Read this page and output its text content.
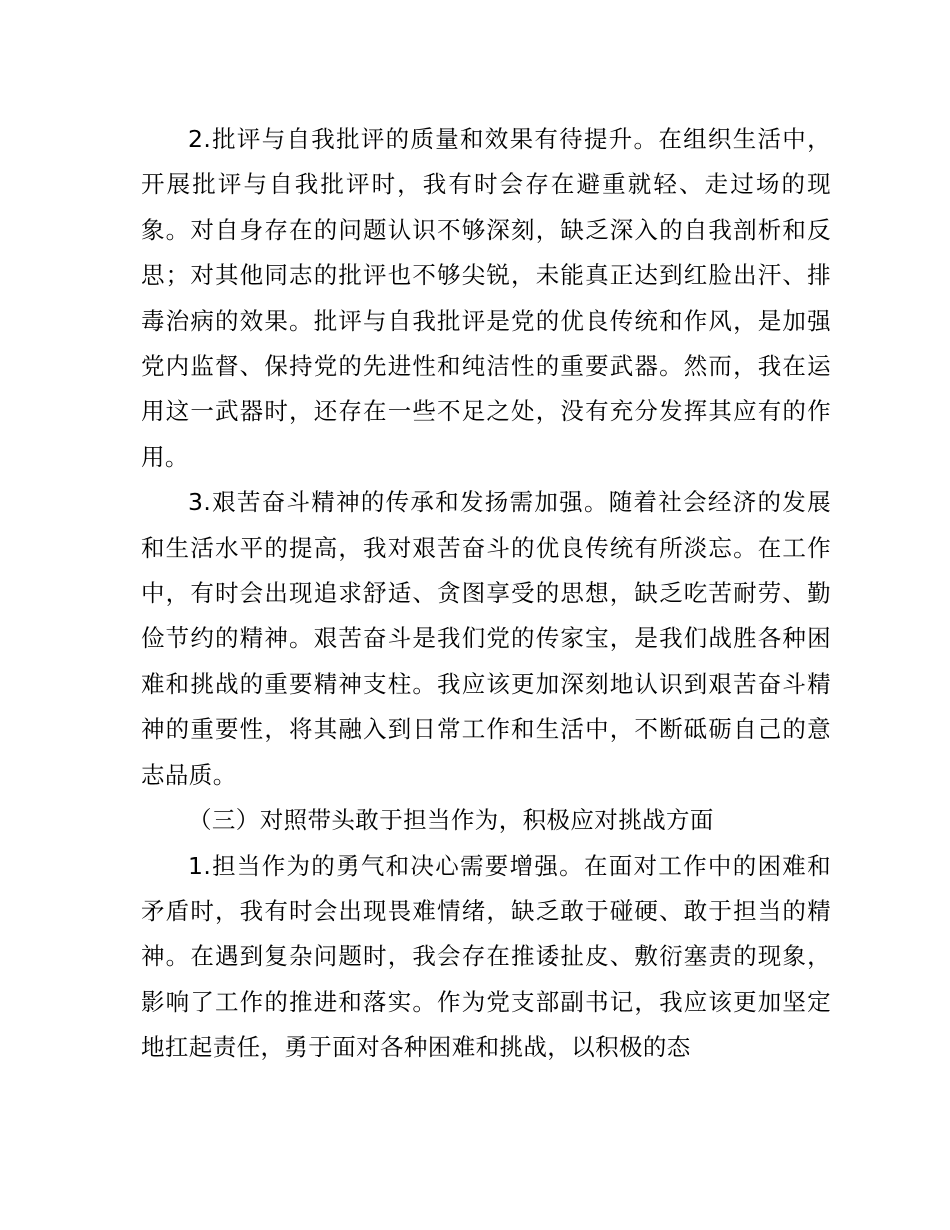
2.批评与自我批评的质量和效果有待提升。在组织生活中，开展批评与自我批评时，我有时会存在避重就轻、走过场的现象。对自身存在的问题认识不够深刻，缺乏深入的自我剖析和反思；对其他同志的批评也不够尖锐，未能真正达到红脸出汗、排毒治病的效果。批评与自我批评是党的优良传统和作风，是加强党内监督、保持党的先进性和纯洁性的重要武器。然而，我在运用这一武器时，还存在一些不足之处，没有充分发挥其应有的作用。

3.艰苦奋斗精神的传承和发扬需加强。随着社会经济的发展和生活水平的提高，我对艰苦奋斗的优良传统有所淡忘。在工作中，有时会出现追求舒适、贪图享受的思想，缺乏吃苦耐劳、勤俭节约的精神。艰苦奋斗是我们党的传家宝，是我们战胜各种困难和挑战的重要精神支柱。我应该更加深刻地认识到艰苦奋斗精神的重要性，将其融入到日常工作和生活中，不断砥砺自己的意志品质。

（三）对照带头敢于担当作为，积极应对挑战方面

1.担当作为的勇气和决心需要增强。在面对工作中的困难和矛盾时，我有时会出现畏难情绪，缺乏敢于碰硬、敢于担当的精神。在遇到复杂问题时，我会存在推诿扯皮、敷衍塞责的现象，影响了工作的推进和落实。作为党支部副书记，我应该更加坚定地扛起责任，勇于面对各种困难和挑战，以积极的态
